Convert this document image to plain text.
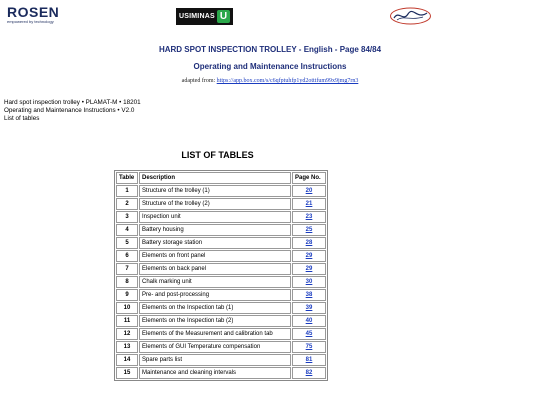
ROSEN
empowered by technology
USIMINAS U
HARD SPOT INSPECTION TROLLEY - English - Page 84/84
Operating and Maintenance Instructions
adapted from: https://app.box.com/s/c6qfptuhfp1yd2otttfum99x9jmg7rn3
Hard spot inspection trolley • PLAMAT-M • 18201
Operating and Maintenance Instructions • V2.0
List of tables
LIST OF TABLES
Table	Description	Page No.
1	Structure of the trolley (1)	20
2	Structure of the trolley (2)	21
3	Inspection unit	23
4	Battery housing	25
5	Battery storage station	28
6	Elements on front panel	29
7	Elements on back panel	29
8	Chalk marking unit	30
9	Pre- and post-processing	38
10	Elements on the Inspection tab (1)	39
11	Elements on the Inspection tab (2)	40
12	Elements of the Measurement and calibration tab	45
13	Elements of GUI Temperature compensation	75
14	Spare parts list	81
15	Maintenance and cleaning intervals	82
